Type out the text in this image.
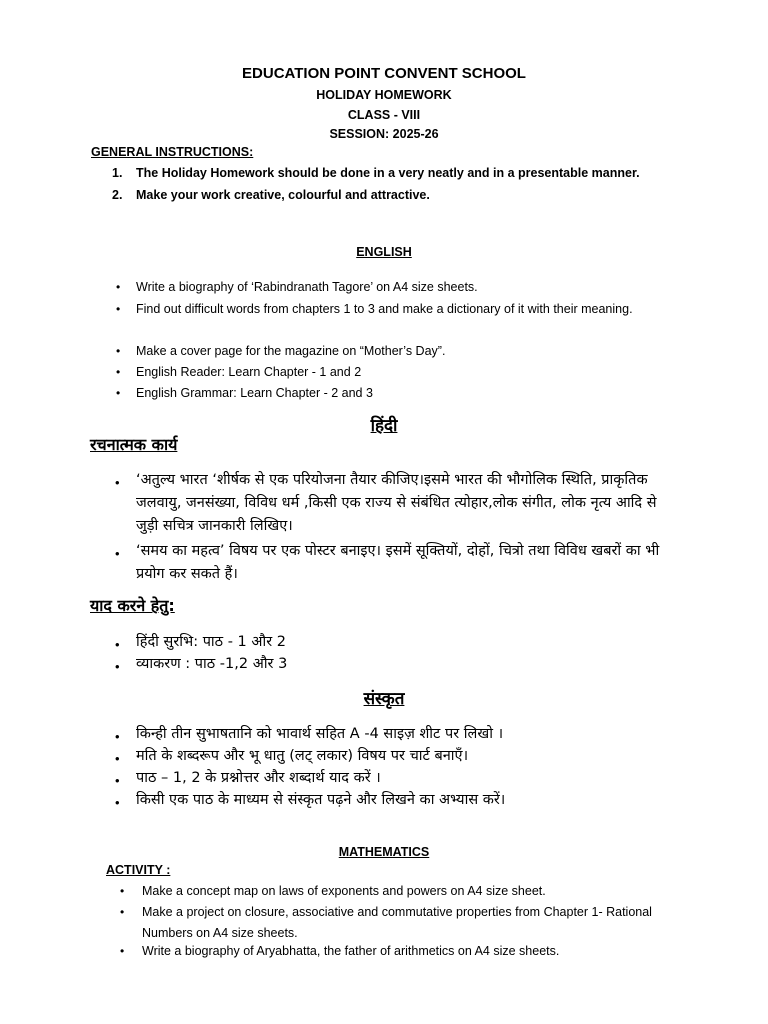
EDUCATION POINT CONVENT SCHOOL
HOLIDAY HOMEWORK
CLASS - VIII
SESSION: 2025-26
GENERAL INSTRUCTIONS:
1. The Holiday Homework should be done in a very neatly and in a presentable manner.
2. Make your work creative, colourful and attractive.
ENGLISH
• Write a biography of ‘Rabindranath Tagore’ on A4 size sheets.
• Find out difficult words from chapters 1 to 3 and make a dictionary of it with their meaning.
• Make a cover page for the magazine on “Mother’s Day”.
• English Reader: Learn Chapter - 1 and 2
• English Grammar: Learn Chapter - 2 and 3
हिंदी
रचनात्मक कार्य
• ‘अतुल्य भारत ‘शीर्षक से एक परियोजना तैयार कीजिए।इसमे भारत की भौगोलिक स्थिति, प्राकृतिक जलवायु, जनसंख्या, विविध धर्म ,किसी एक राज्य से संबंधित त्योहार,लोक संगीत, लोक नृत्य आदि से जुड़ी सचित्र जानकारी लिखिए।
• ‘समय का महत्व’ विषय पर एक पोस्टर बनाइए। इसमें सूक्तियों, दोहों, चित्रो तथा विविध खबरों का भी प्रयोग कर सकते हैं।
याद करने हेतु:
• हिंदी सुरभि: पाठ - 1 और 2
• व्याकरण : पाठ -1,2 और 3
संस्कृत
• किन्ही तीन सुभाषतानि को भावार्थ सहित A -4 साइज़ शीट पर लिखो ।
• मति के शब्दरूप और भू धातु (लट् लकार) विषय पर चार्ट बनाएँ।
• पाठ – 1, 2 के प्रश्नोत्तर और शब्दार्थ याद करें ।
• किसी एक पाठ के माध्यम से संस्कृत पढ़ने और लिखने का अभ्यास करें।
MATHEMATICS
ACTIVITY :
• Make a concept map on laws of exponents and powers on A4 size sheet.
• Make a project on closure, associative and commutative properties from Chapter 1- Rational Numbers on A4 size sheets.
• Write a biography of Aryabhatta, the father of arithmetics on A4 size sheets.
